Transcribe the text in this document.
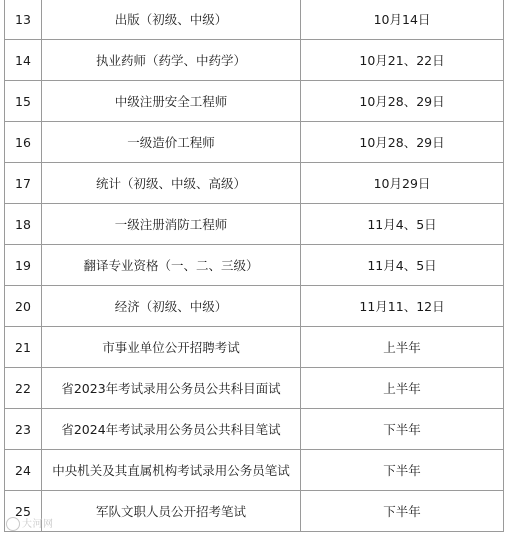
13	出版（初级、中级）	10月14日
14	执业药师（药学、中药学）	10月21、22日
15	中级注册安全工程师	10月28、29日
16	一级造价工程师	10月28、29日
17	统计（初级、中级、高级）	10月29日
18	一级注册消防工程师	11月4、5日
19	翻译专业资格（一、二、三级）	11月4、5日
20	经济（初级、中级）	11月11、12日
21	市事业单位公开招聘考试	上半年
22	省2023年考试录用公务员公共科目面试	上半年
23	省2024年考试录用公务员公共科目笔试	下半年
24	中央机关及其直属机构考试录用公务员笔试	下半年
25	军队文职人员公开招考笔试	下半年
大河网
